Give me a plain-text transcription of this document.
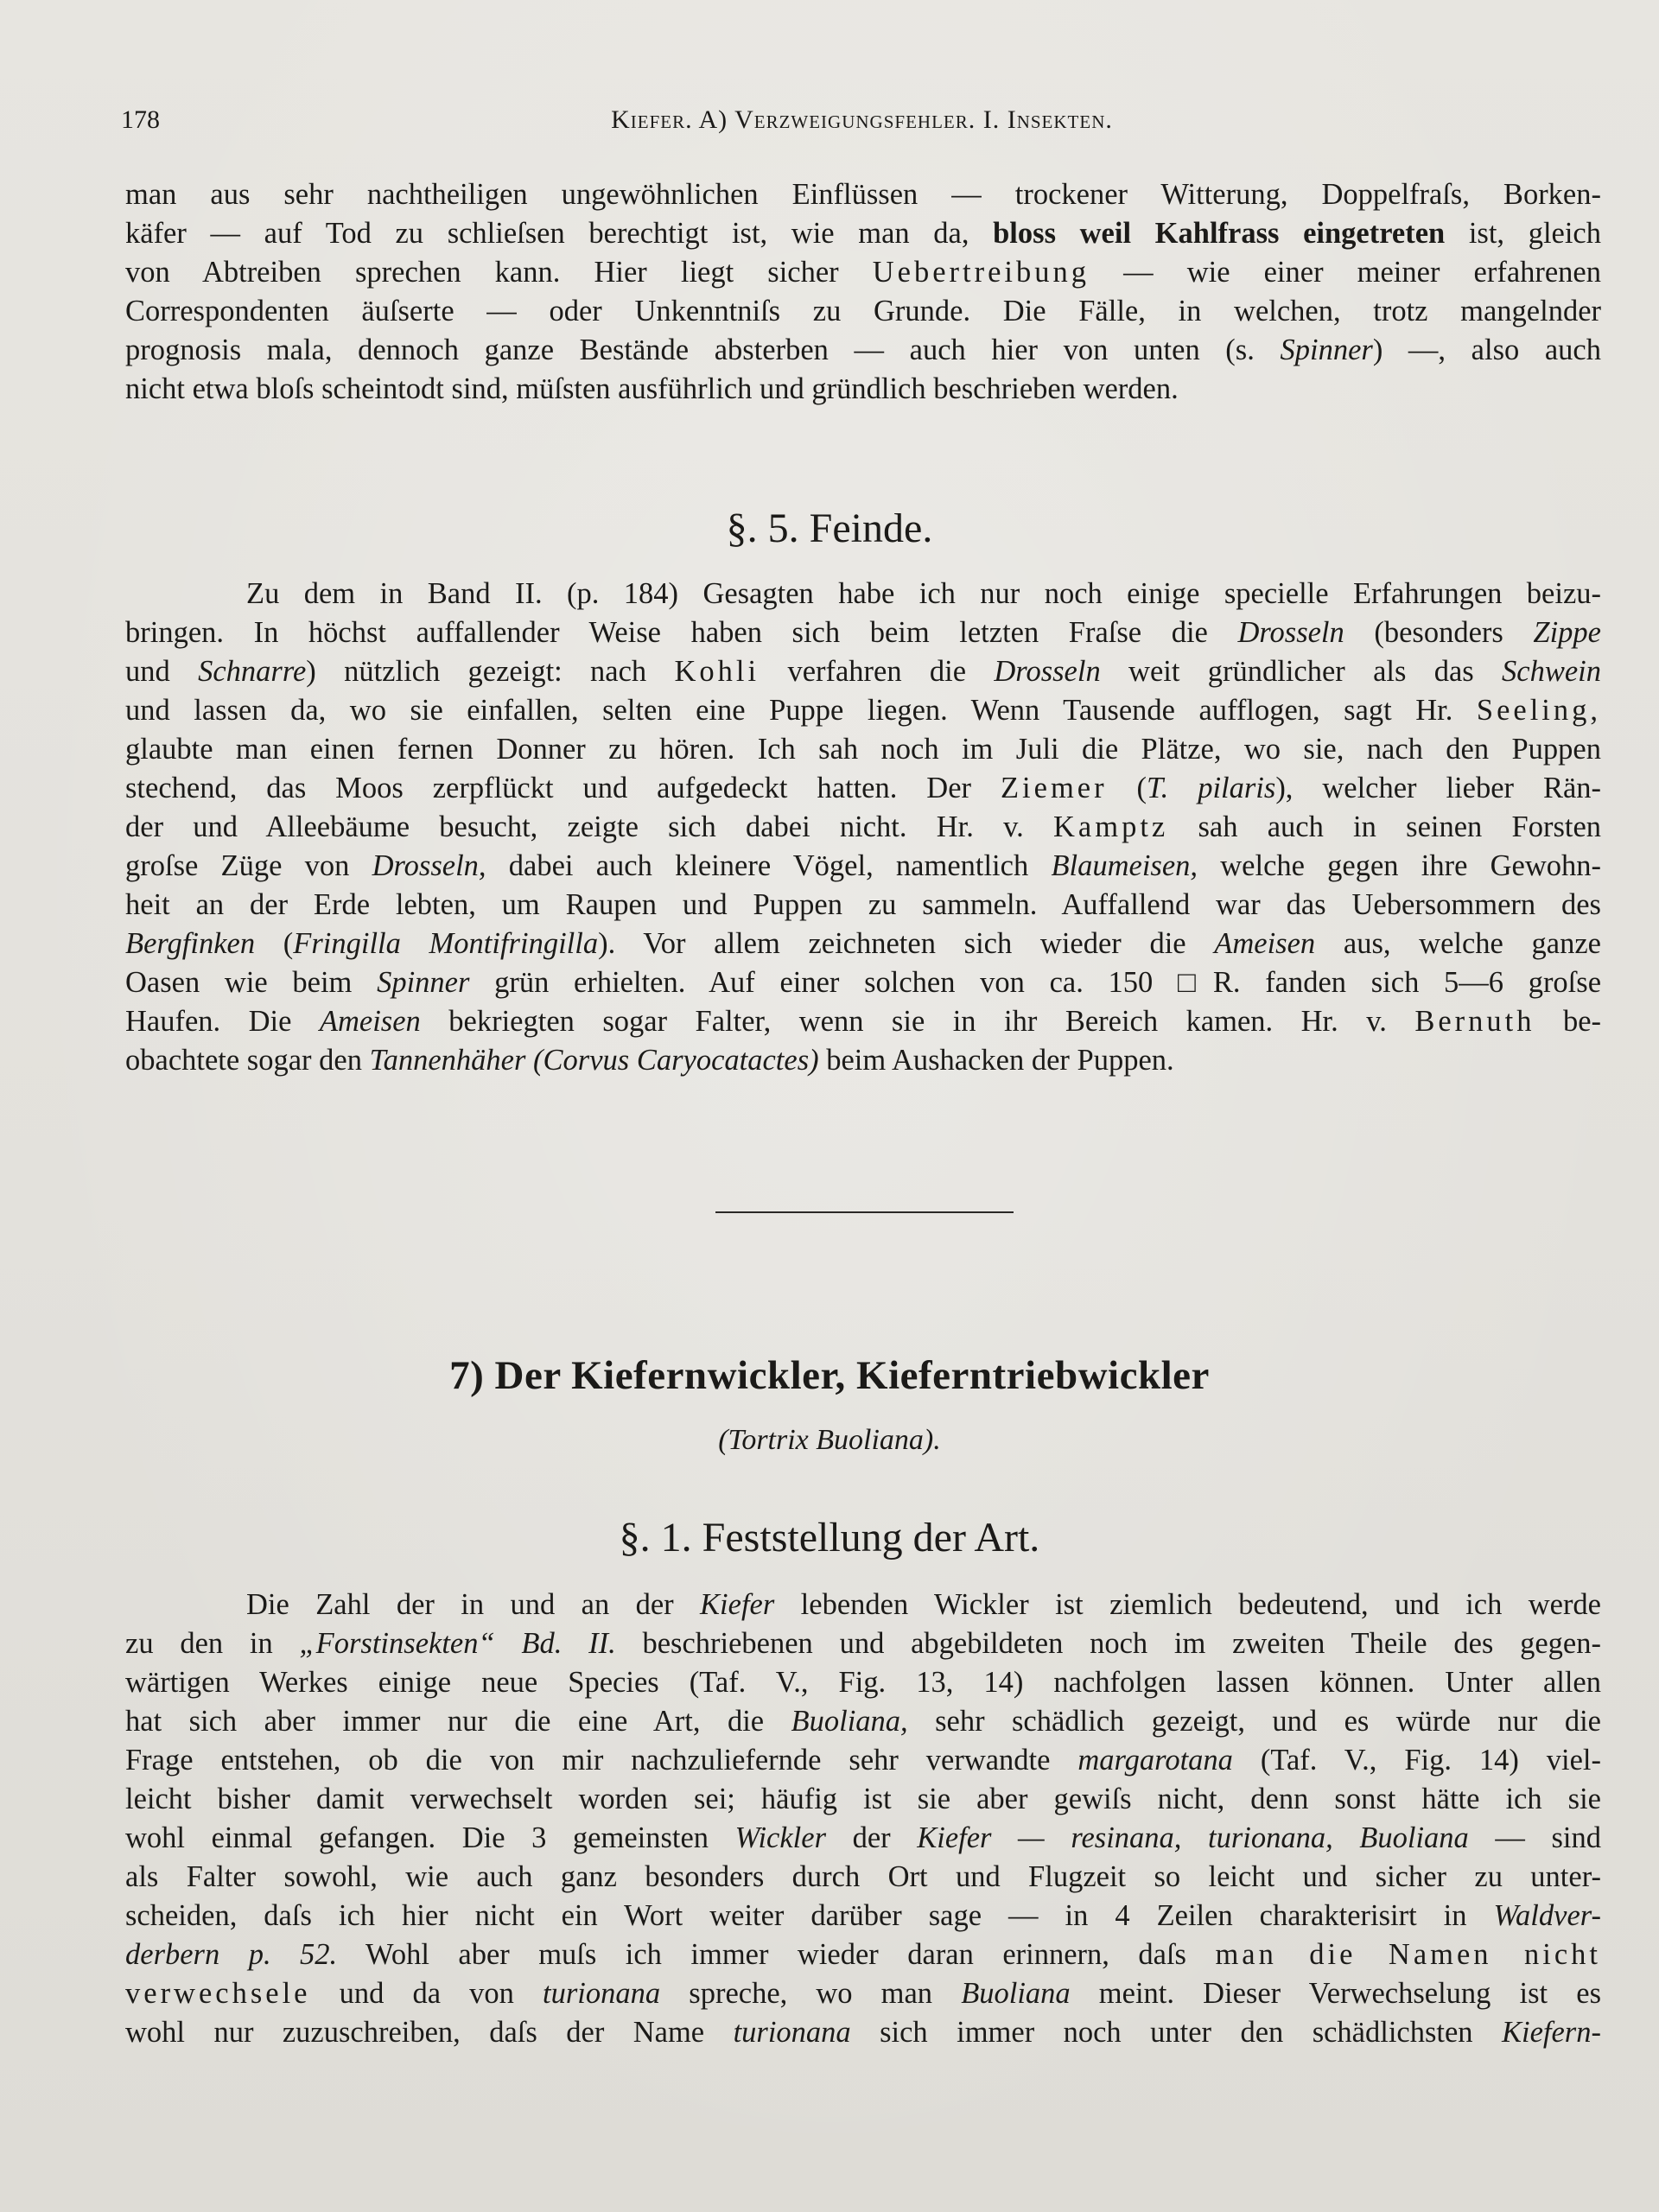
178	Kiefer. A) Verzweigungsfehler. I. Insekten.
man aus sehr nachtheiligen ungewöhnlichen Einflüssen — trockener Witterung, Doppelfraſs, Borken-
käfer — auf Tod zu schlieſsen berechtigt ist, wie man da, bloss weil Kahlfrass eingetreten ist, gleich
von Abtreiben sprechen kann. Hier liegt sicher Uebertreibung — wie einer meiner erfahrenen
Correspondenten äuſserte — oder Unkenntniſs zu Grunde. Die Fälle, in welchen, trotz mangelnder
prognosis mala, dennoch ganze Bestände absterben — auch hier von unten (s. Spinner) —, also auch
nicht etwa bloſs scheintodt sind, müſsten ausführlich und gründlich beschrieben werden.
§. 5. Feinde.
Zu dem in Band II. (p. 184) Gesagten habe ich nur noch einige specielle Erfahrungen beizu-
bringen. In höchst auffallender Weise haben sich beim letzten Fraſse die Drosseln (besonders Zippe
und Schnarre) nützlich gezeigt: nach Kohli verfahren die Drosseln weit gründlicher als das Schwein
und lassen da, wo sie einfallen, selten eine Puppe liegen. Wenn Tausende aufflogen, sagt Hr. Seeling,
glaubte man einen fernen Donner zu hören. Ich sah noch im Juli die Plätze, wo sie, nach den Puppen
stechend, das Moos zerpflückt und aufgedeckt hatten. Der Ziemer (T. pilaris), welcher lieber Rän-
der und Alleebäume besucht, zeigte sich dabei nicht. Hr. v. Kamptz sah auch in seinen Forsten
groſse Züge von Drosseln, dabei auch kleinere Vögel, namentlich Blaumeisen, welche gegen ihre Gewohn-
heit an der Erde lebten, um Raupen und Puppen zu sammeln. Auffallend war das Uebersommern des
Bergfinken (Fringilla Montifringilla). Vor allem zeichneten sich wieder die Ameisen aus, welche ganze
Oasen wie beim Spinner grün erhielten. Auf einer solchen von ca. 150 □R. fanden sich 5—6 groſse
Haufen. Die Ameisen bekriegten sogar Falter, wenn sie in ihr Bereich kamen. Hr. v. Bernuth be-
obachtete sogar den Tannenhäher (Corvus Caryocatactes) beim Aushacken der Puppen.
7) Der Kiefernwickler, Kieferntriebwickler
(Tortrix Buoliana).
§. 1. Feststellung der Art.
Die Zahl der in und an der Kiefer lebenden Wickler ist ziemlich bedeutend, und ich werde
zu den in „Forstinsekten“ Bd. II. beschriebenen und abgebildeten noch im zweiten Theile des gegen-
wärtigen Werkes einige neue Species (Taf. V., Fig. 13, 14) nachfolgen lassen können. Unter allen
hat sich aber immer nur die eine Art, die Buoliana, sehr schädlich gezeigt, und es würde nur die
Frage entstehen, ob die von mir nachzuliefernde sehr verwandte margarotana (Taf. V., Fig. 14) viel-
leicht bisher damit verwechselt worden sei; häufig ist sie aber gewiſs nicht, denn sonst hätte ich sie
wohl einmal gefangen. Die 3 gemeinsten Wickler der Kiefer — resinana, turionana, Buoliana — sind
als Falter sowohl, wie auch ganz besonders durch Ort und Flugzeit so leicht und sicher zu unter-
scheiden, daſs ich hier nicht ein Wort weiter darüber sage — in 4 Zeilen charakterisirt in Waldver-
derbern p. 52. Wohl aber muſs ich immer wieder daran erinnern, daſs man die Namen nicht
verwechsele und da von turionana spreche, wo man Buoliana meint. Dieser Verwechselung ist es
wohl nur zuzuschreiben, daſs der Name turionana sich immer noch unter den schädlichsten Kiefern-
